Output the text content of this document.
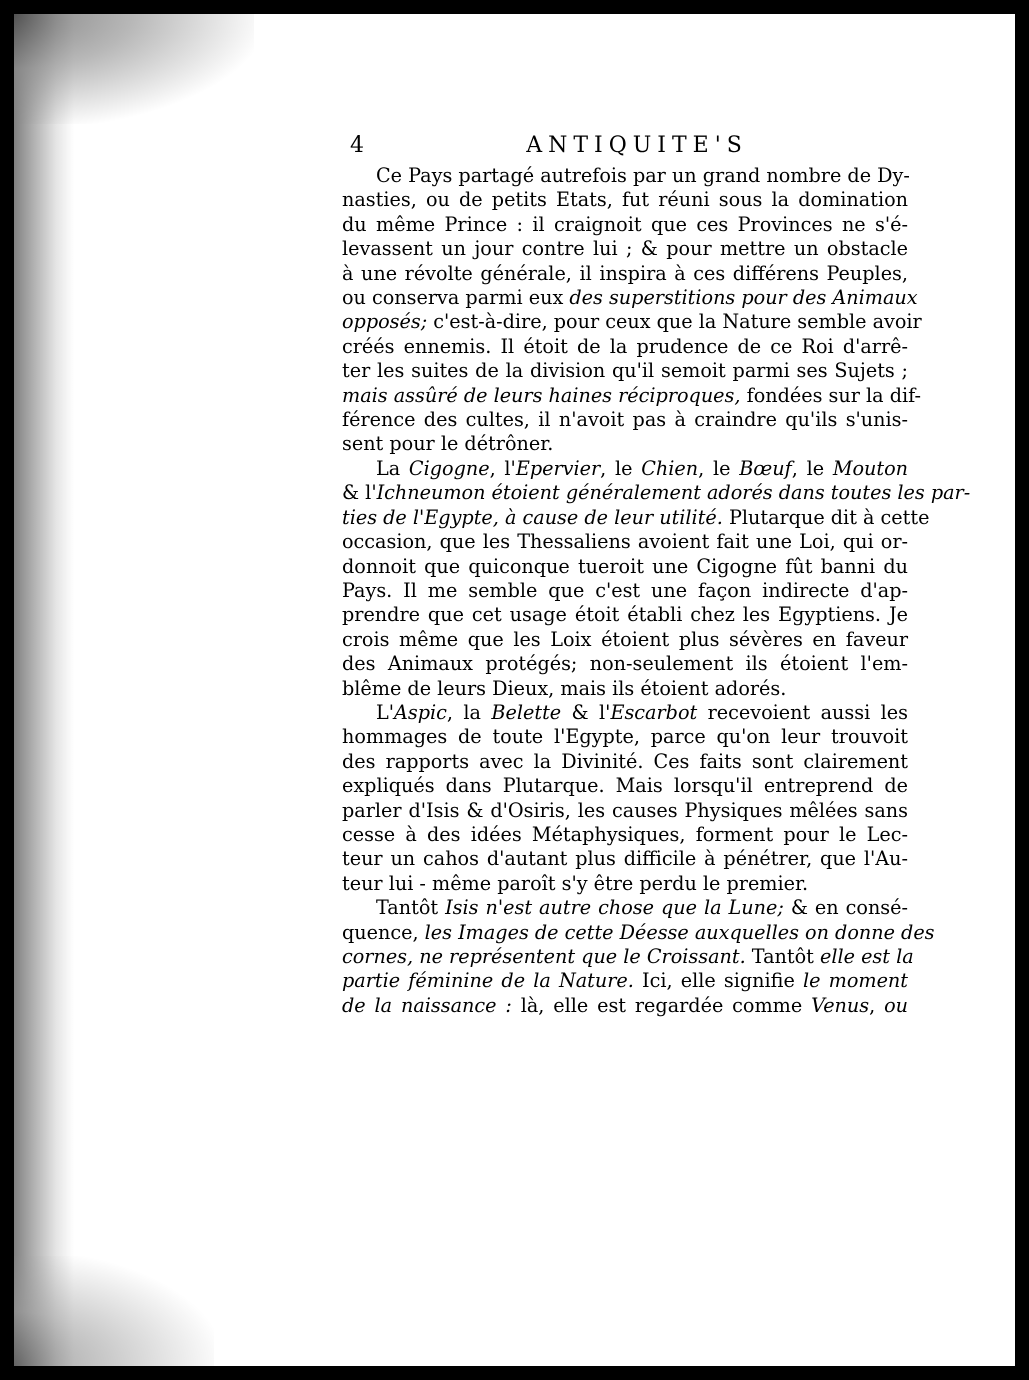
4	ANTIQUITE'S
Ce Pays partagé autrefois par un grand nombre de Dy-
nasties, ou de petits Etats, fut réuni sous la domination
du même Prince : il craignoit que ces Provinces ne s'é-
levassent un jour contre lui ; & pour mettre un obstacle
à une révolte générale, il inspira à ces différens Peuples,
ou conserva parmi eux des superstitions pour des Animaux
opposés; c'est-à-dire, pour ceux que la Nature semble avoir
créés ennemis. Il étoit de la prudence de ce Roi d'arrê-
ter les suites de la division qu'il semoit parmi ses Sujets ;
mais assûré de leurs haines réciproques, fondées sur la dif-
férence des cultes, il n'avoit pas à craindre qu'ils s'unis-
sent pour le détrôner.
La Cigogne, l'Epervier, le Chien, le Bœuf, le Mouton
& l'Ichneumon étoient généralement adorés dans toutes les par-
ties de l'Egypte, à cause de leur utilité. Plutarque dit à cette
occasion, que les Thessaliens avoient fait une Loi, qui or-
donnoit que quiconque tueroit une Cigogne fût banni du
Pays. Il me semble que c'est une façon indirecte d'ap-
prendre que cet usage étoit établi chez les Egyptiens. Je
crois même que les Loix étoient plus sévères en faveur
des Animaux protégés; non-seulement ils étoient l'em-
blême de leurs Dieux, mais ils étoient adorés.
L'Aspic, la Belette & l'Escarbot recevoient aussi les
hommages de toute l'Egypte, parce qu'on leur trouvoit
des rapports avec la Divinité. Ces faits sont clairement
expliqués dans Plutarque. Mais lorsqu'il entreprend de
parler d'Isis & d'Osiris, les causes Physiques mêlées sans
cesse à des idées Métaphysiques, forment pour le Lec-
teur un cahos d'autant plus difficile à pénétrer, que l'Au-
teur lui - même paroît s'y être perdu le premier.
Tantôt Isis n'est autre chose que la Lune; & en consé-
quence, les Images de cette Déesse auxquelles on donne des
cornes, ne représentent que le Croissant. Tantôt elle est la
partie féminine de la Nature. Ici, elle signifie le moment
de la naissance : là, elle est regardée comme Venus, ou
